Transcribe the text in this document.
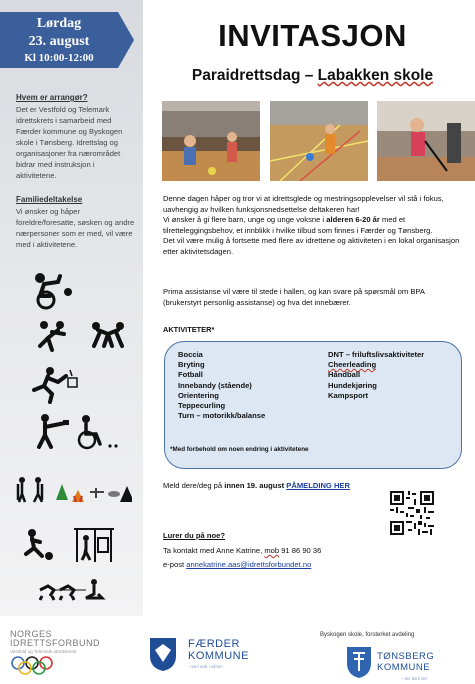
Lørdag
23. august
Kl 10:00-12:00
Hvem er arrangør?
Det er Vestfold og Telemark idrettskrets i samarbeid med Færder kommune og Byskogen skole i Tønsberg. Idrettslag og organisasjoner fra nærområdet bidrar med instruksjon i aktivitetene.
Familiedeltakelse
Vi ønsker og håper foreldre/foresatte, søsken og andre nærpersoner som er med, vil være med i aktivitetene.
INVITASJON
Paraidrettsdag – Labakken skole
Denne dagen håper og tror vi at idrettsglede og mestringsopplevelser vil stå i fokus, uavhengig av hvilken funksjonsnedsettelse deltakeren har!
Vi ønsker å gi flere barn, unge og unge voksne i alderen 6-20 år med et tilretteleggingsbehov, et innblikk i hvilke tilbud som finnes i Færder og Tønsberg.
Det vil være mulig å fortsette med flere av idrettene og aktiviteten i en lokal organisasjon etter aktivitetsdagen.
Prima assistanse vil være til stede i hallen, og kan svare på spørsmål om BPA (brukerstyrt personlig assistanse) og hva det innebærer.
AKTIVITETER*
Boccia
Bryting
Fotball
Innebandy (stående)
Orientering
Teppecurling
Turn – motorikk/balanse
DNT – friluftslivsaktiviteter
Cheerleading
Håndball
Hundekjøring
Kampsport
*Med forbehold om noen endring i aktivitetene
Meld dere/deg på innen 19. august PÅMELDING HER
Lurer du på noe?
Ta kontakt med Anne Katrine, mob 91 86 90 36
e-post annekatrine.aas@idrettsforbundet.no
NORGES IDRETTSFORBUND
Vestfold og Telemark idrettskrets
FÆRDER
KOMMUNE
- med unik i utfrom
Byskogen skole, forsterket avdeling
TØNSBERG
KOMMUNE
– der barn lær
